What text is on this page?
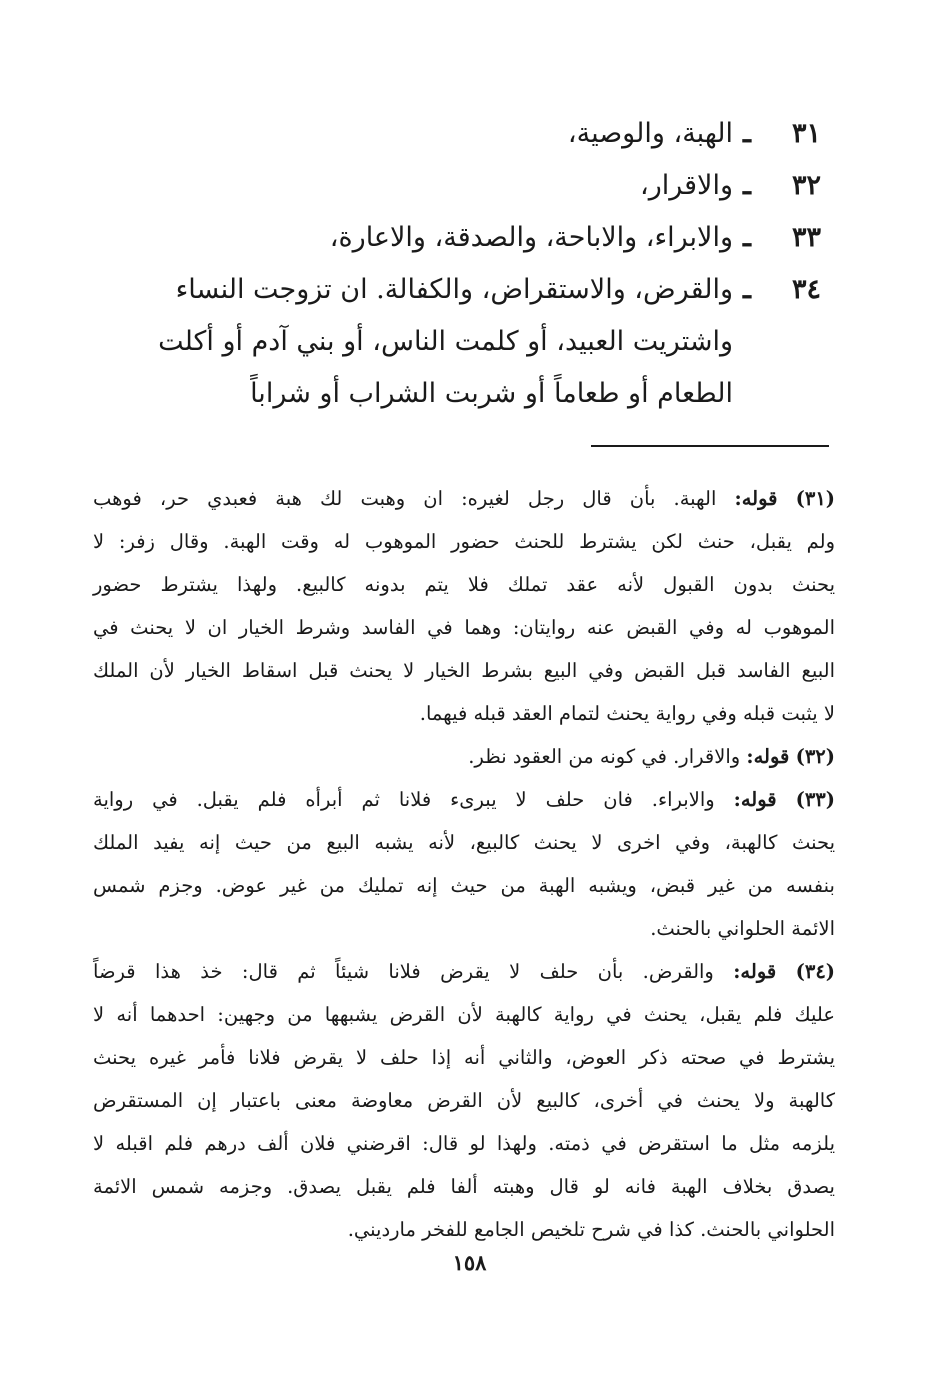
٣١
ـ
الهبة، والوصية،
٣٢
ـ
والاقرار،
٣٣
ـ
والابراء، والاباحة، والصدقة، والاعارة،
٣٤
ـ
والقرض، والاستقراض، والكفالة. ان تزوجت النساء
واشتريت العبيد، أو كلمت الناس، أو بني آدم أو أكلت
الطعام أو طعاماً أو شربت الشراب أو شراباً
(٣١) قوله: الهبة. بأن قال رجل لغيره: ان وهبت لك هبة فعبدي حر، فوهب
ولم يقبل، حنث لكن يشترط للحنث حضور الموهوب له وقت الهبة. وقال زفر: لا
يحنث بدون القبول لأنه عقد تملك فلا يتم بدونه كالبيع. ولهذا يشترط حضور
الموهوب له وفي القبض عنه روايتان: وهما في الفاسد وشرط الخيار ان لا يحنث في
البيع الفاسد قبل القبض وفي البيع بشرط الخيار لا يحنث قبل اسقاط الخيار لأن الملك
لا يثبت قبله وفي رواية يحنث لتمام العقد قبله فيهما.
(٣٢) قوله: والاقرار. في كونه من العقود نظر.
(٣٣) قوله: والابراء. فان حلف لا يبرىء فلانا ثم أبرأه فلم يقبل. في رواية
يحنث كالهبة، وفي اخرى لا يحنث كالبيع، لأنه يشبه البيع من حيث إنه يفيد الملك
بنفسه من غير قبض، ويشبه الهبة من حيث إنه تمليك من غير عوض. وجزم شمس
الائمة الحلواني بالحنث.
(٣٤) قوله: والقرض. بأن حلف لا يقرض فلانا شيئاً ثم قال: خذ هذا قرضاً
عليك فلم يقبل، يحنث في رواية كالهبة لأن القرض يشبهها من وجهين: احدهما أنه لا
يشترط في صحته ذكر العوض، والثاني أنه إذا حلف لا يقرض فلانا فأمر غيره يحنث
كالهبة ولا يحنث في أخرى، كالبيع لأن القرض معاوضة معنى باعتبار إن المستقرض
يلزمه مثل ما استقرض في ذمته. ولهذا لو قال: اقرضني فلان ألف درهم فلم اقبله لا
يصدق بخلاف الهبة فانه لو قال وهبته ألفا فلم يقبل يصدق. وجزمه شمس الائمة
الحلواني بالحنث. كذا في شرح تلخيص الجامع للفخر مارديني.
١٥٨
